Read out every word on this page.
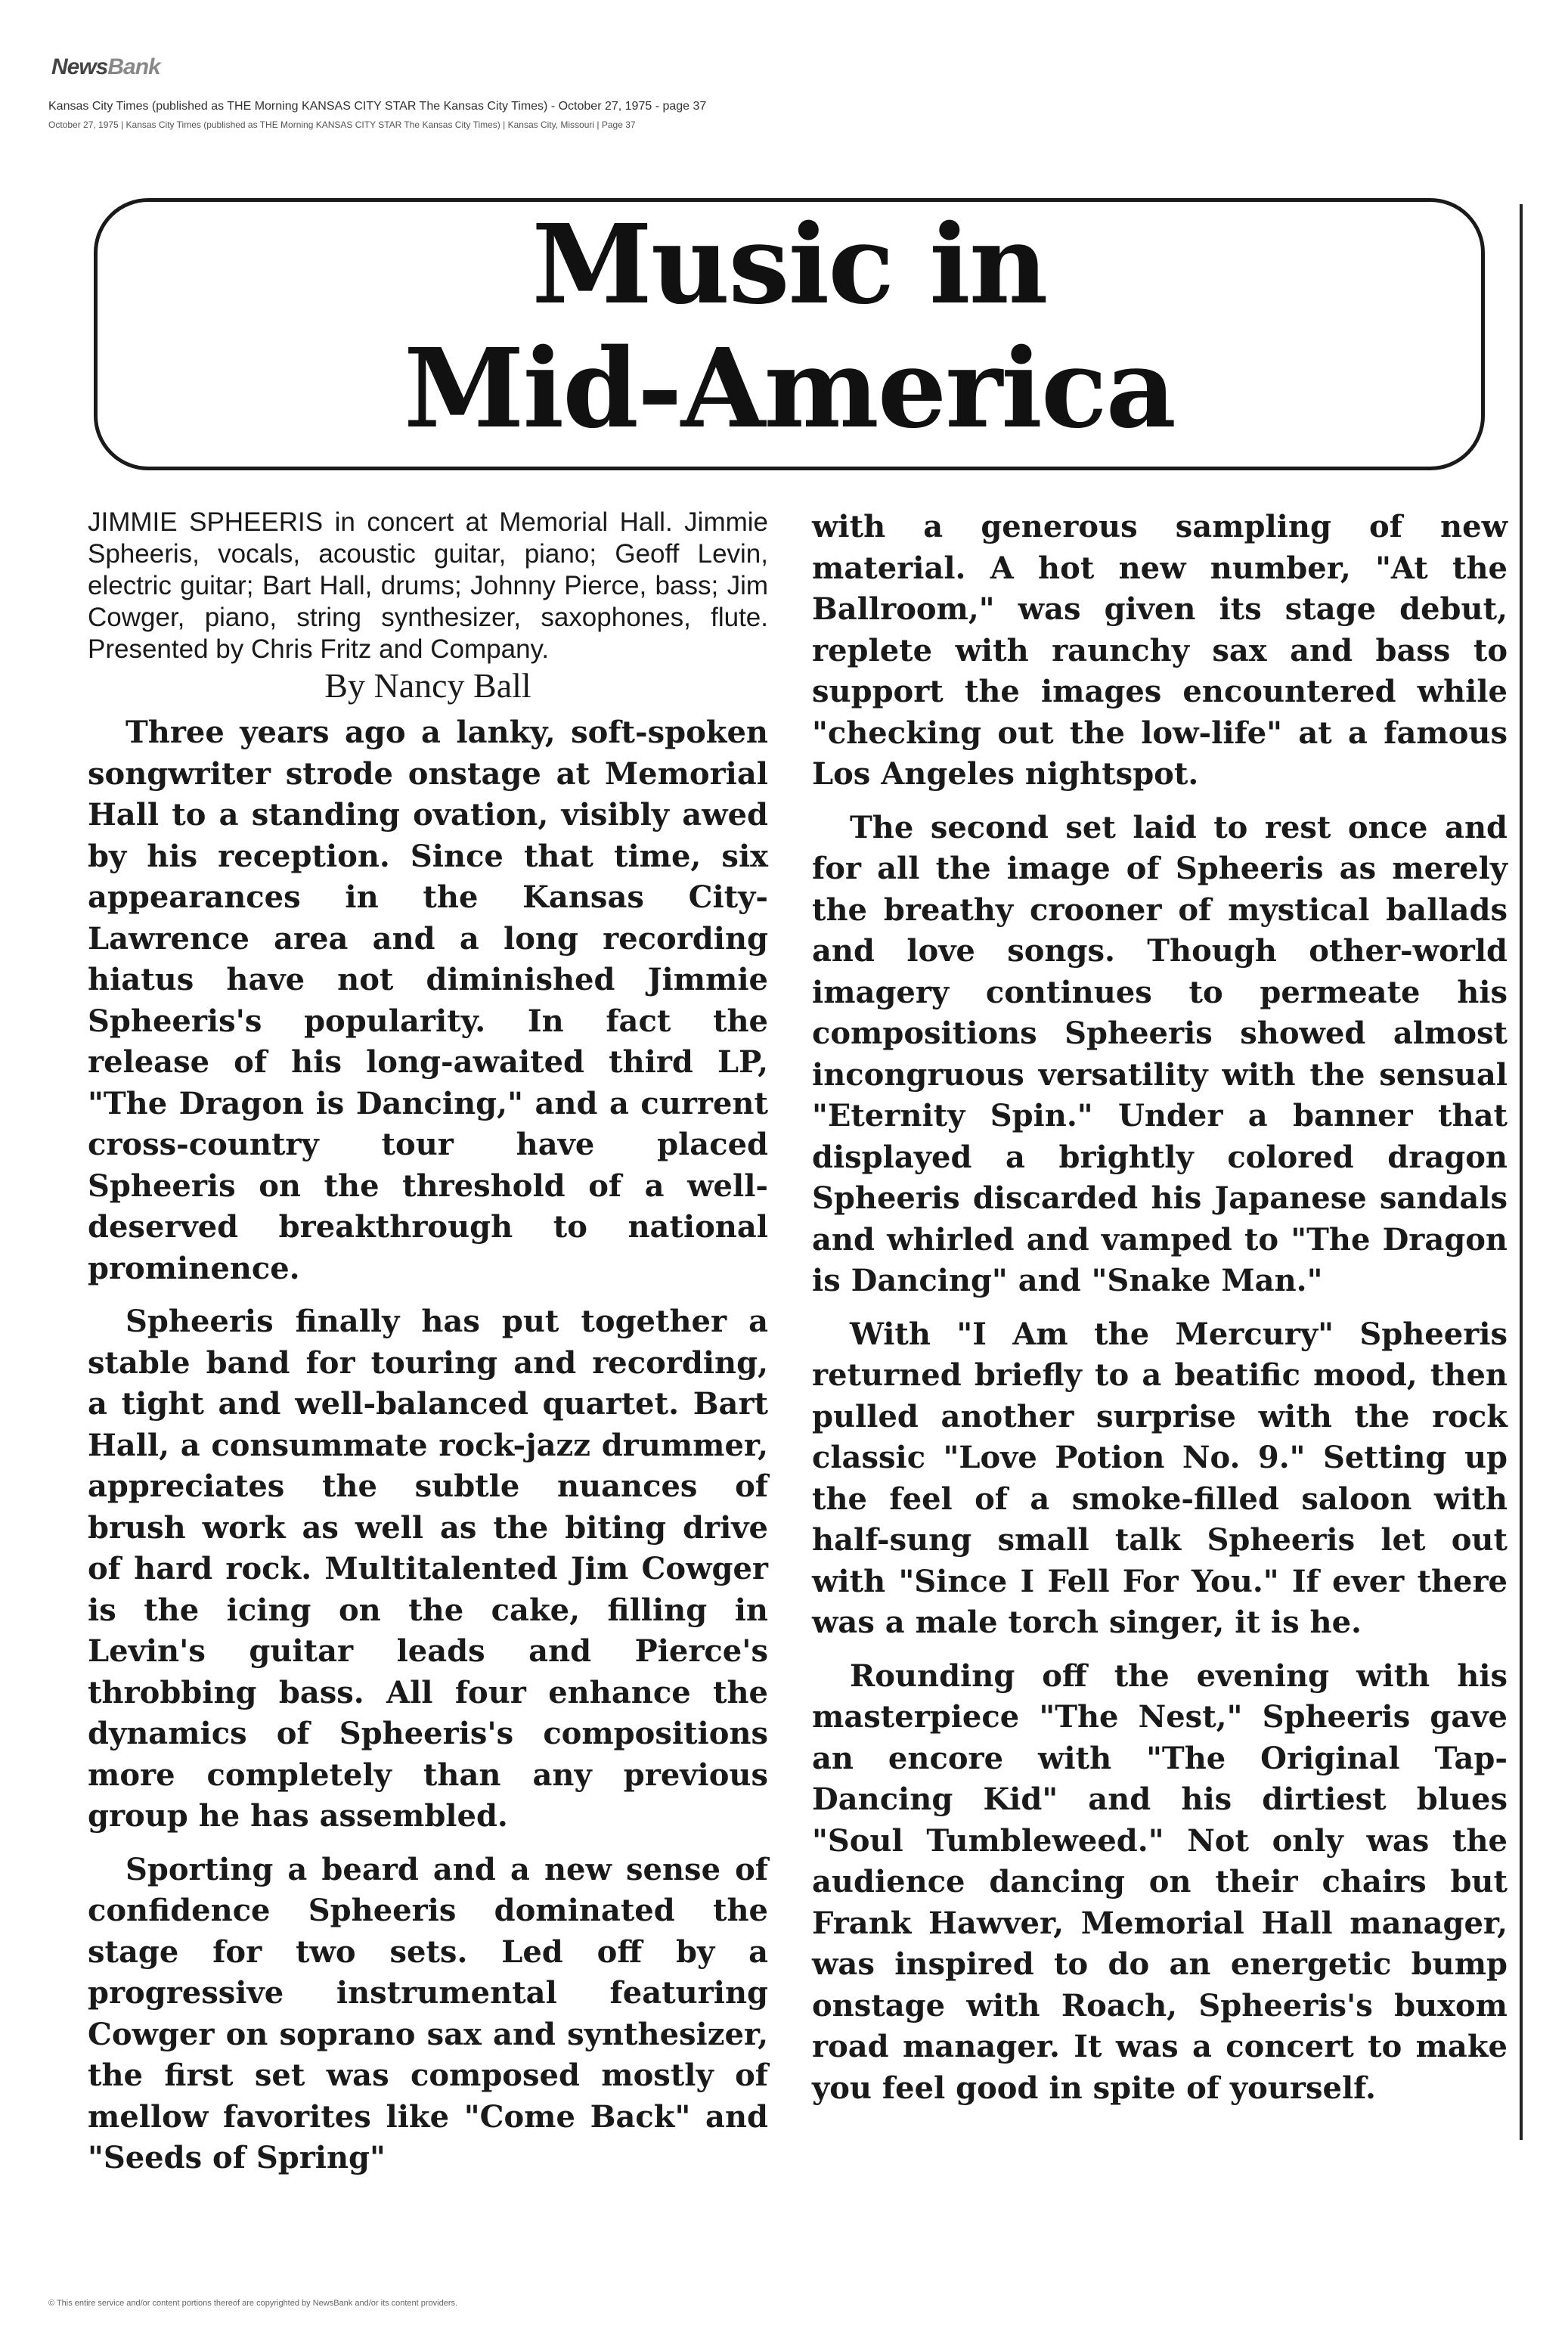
NewsBank
Kansas City Times (published as THE Morning KANSAS CITY STAR The Kansas City Times) - October 27, 1975 - page 37
October 27, 1975 | Kansas City Times (published as THE Morning KANSAS CITY STAR The Kansas City Times) | Kansas City, Missouri | Page 37
Music in
Mid-America

JIMMIE SPHEERIS in concert at Memorial Hall. Jimmie Spheeris, vocals, acoustic guitar, piano; Geoff Levin, electric guitar; Bart Hall, drums; Johnny Pierce, bass; Jim Cowger, piano, string synthesizer, saxophones, flute. Presented by Chris Fritz and Company.

By Nancy Ball

Three years ago a lanky, soft-spoken songwriter strode onstage at Memorial Hall to a standing ovation, visibly awed by his reception. Since that time, six appearances in the Kansas City-Lawrence area and a long recording hiatus have not diminished Jimmie Spheeris's popularity. In fact the release of his long-awaited third LP, "The Dragon is Dancing," and a current cross-country tour have placed Spheeris on the threshold of a well-deserved breakthrough to national prominence.

Spheeris finally has put together a stable band for touring and recording, a tight and well-balanced quartet. Bart Hall, a consummate rock-jazz drummer, appreciates the subtle nuances of brush work as well as the biting drive of hard rock. Multitalented Jim Cowger is the icing on the cake, filling in Levin's guitar leads and Pierce's throbbing bass. All four enhance the dynamics of Spheeris's compositions more completely than any previous group he has assembled.

Sporting a beard and a new sense of confidence Spheeris dominated the stage for two sets. Led off by a progressive instrumental featuring Cowger on soprano sax and synthesizer, the first set was composed mostly of mellow favorites like "Come Back" and "Seeds of Spring"

with a generous sampling of new material. A hot new number, "At the Ballroom," was given its stage debut, replete with raunchy sax and bass to support the images encountered while "checking out the low-life" at a famous Los Angeles nightspot.

The second set laid to rest once and for all the image of Spheeris as merely the breathy crooner of mystical ballads and love songs. Though other-world imagery continues to permeate his compositions Spheeris showed almost incongruous versatility with the sensual "Eternity Spin." Under a banner that displayed a brightly colored dragon Spheeris discarded his Japanese sandals and whirled and vamped to "The Dragon is Dancing" and "Snake Man."

With "I Am the Mercury" Spheeris returned briefly to a beatific mood, then pulled another surprise with the rock classic "Love Potion No. 9." Setting up the feel of a smoke-filled saloon with half-sung small talk Spheeris let out with "Since I Fell For You." If ever there was a male torch singer, it is he.

Rounding off the evening with his masterpiece "The Nest," Spheeris gave an encore with "The Original Tap-Dancing Kid" and his dirtiest blues "Soul Tumbleweed." Not only was the audience dancing on their chairs but Frank Hawver, Memorial Hall manager, was inspired to do an energetic bump onstage with Roach, Spheeris's buxom road manager. It was a concert to make you feel good in spite of yourself.

© This entire service and/or content portions thereof are copyrighted by NewsBank and/or its content providers.
